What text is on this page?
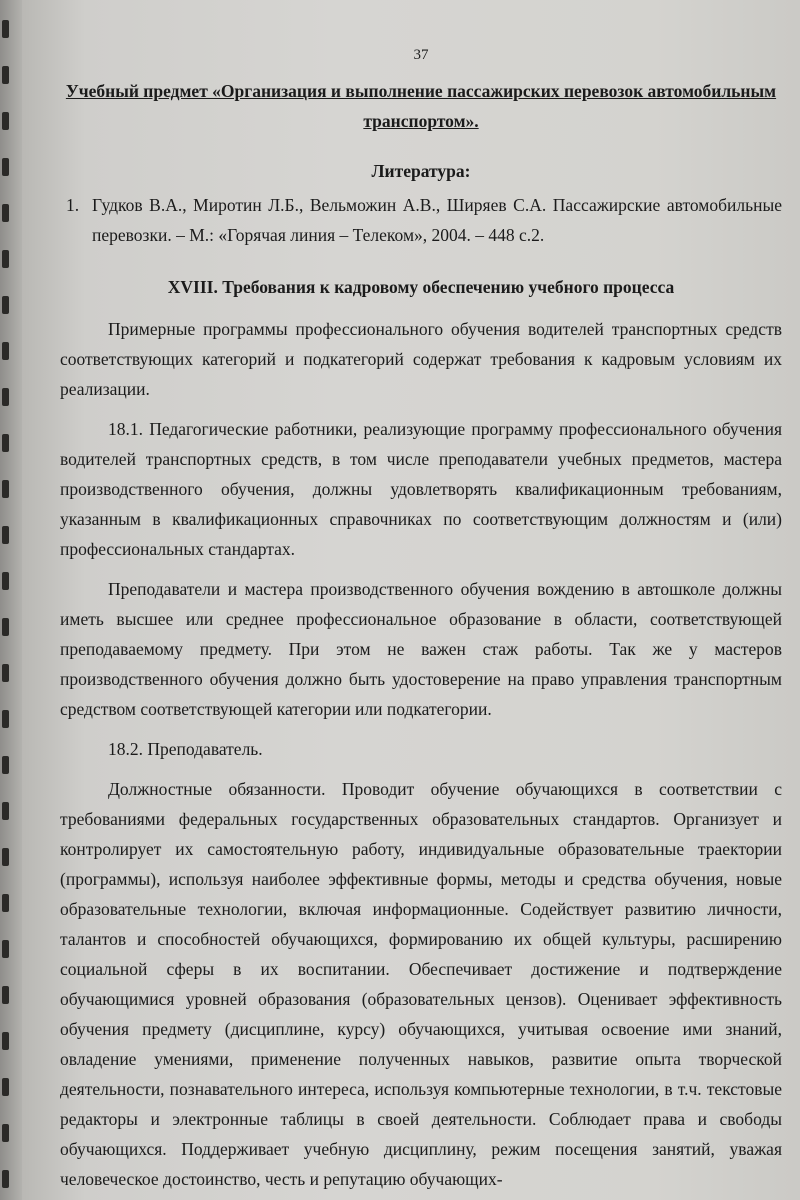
37
Учебный предмет «Организация и выполнение пассажирских перевозок автомобильным транспортом».
Литература:
1. Гудков В.А., Миротин Л.Б., Вельможин А.В., Ширяев С.А. Пассажирские автомобильные перевозки. – М.: «Горячая линия – Телеком», 2004. – 448 с.2.
XVIII. Требования к кадровому обеспечению учебного процесса

Примерные программы профессионального обучения водителей транспортных средств соответствующих категорий и подкатегорий содержат требования к кадровым условиям их реализации.

18.1. Педагогические работники, реализующие программу профессионального обучения водителей транспортных средств, в том числе преподаватели учебных предметов, мастера производственного обучения, должны удовлетворять квалификационным требованиям, указанным в квалификационных справочниках по соответствующим должностям и (или) профессиональных стандартах.

Преподаватели и мастера производственного обучения вождению в автошколе должны иметь высшее или среднее профессиональное образование в области, соответствующей преподаваемому предмету. При этом не важен стаж работы. Так же у мастеров производственного обучения должно быть удостоверение на право управления транспортным средством соответствующей категории или подкатегории.

18.2. Преподаватель.

Должностные обязанности. Проводит обучение обучающихся в соответствии с требованиями федеральных государственных образовательных стандартов. Организует и контролирует их самостоятельную работу, индивидуальные образовательные траектории (программы), используя наиболее эффективные формы, методы и средства обучения, новые образовательные технологии, включая информационные. Содействует развитию личности, талантов и способностей обучающихся, формированию их общей культуры, расширению социальной сферы в их воспитании. Обеспечивает достижение и подтверждение обучающимися уровней образования (образовательных цензов). Оценивает эффективность обучения предмету (дисциплине, курсу) обучающихся, учитывая освоение ими знаний, овладение умениями, применение полученных навыков, развитие опыта творческой деятельности, познавательного интереса, используя компьютерные технологии, в т.ч. текстовые редакторы и электронные таблицы в своей деятельности. Соблюдает права и свободы обучающихся. Поддерживает учебную дисциплину, режим посещения занятий, уважая человеческое достоинство, честь и репутацию обучающих-
